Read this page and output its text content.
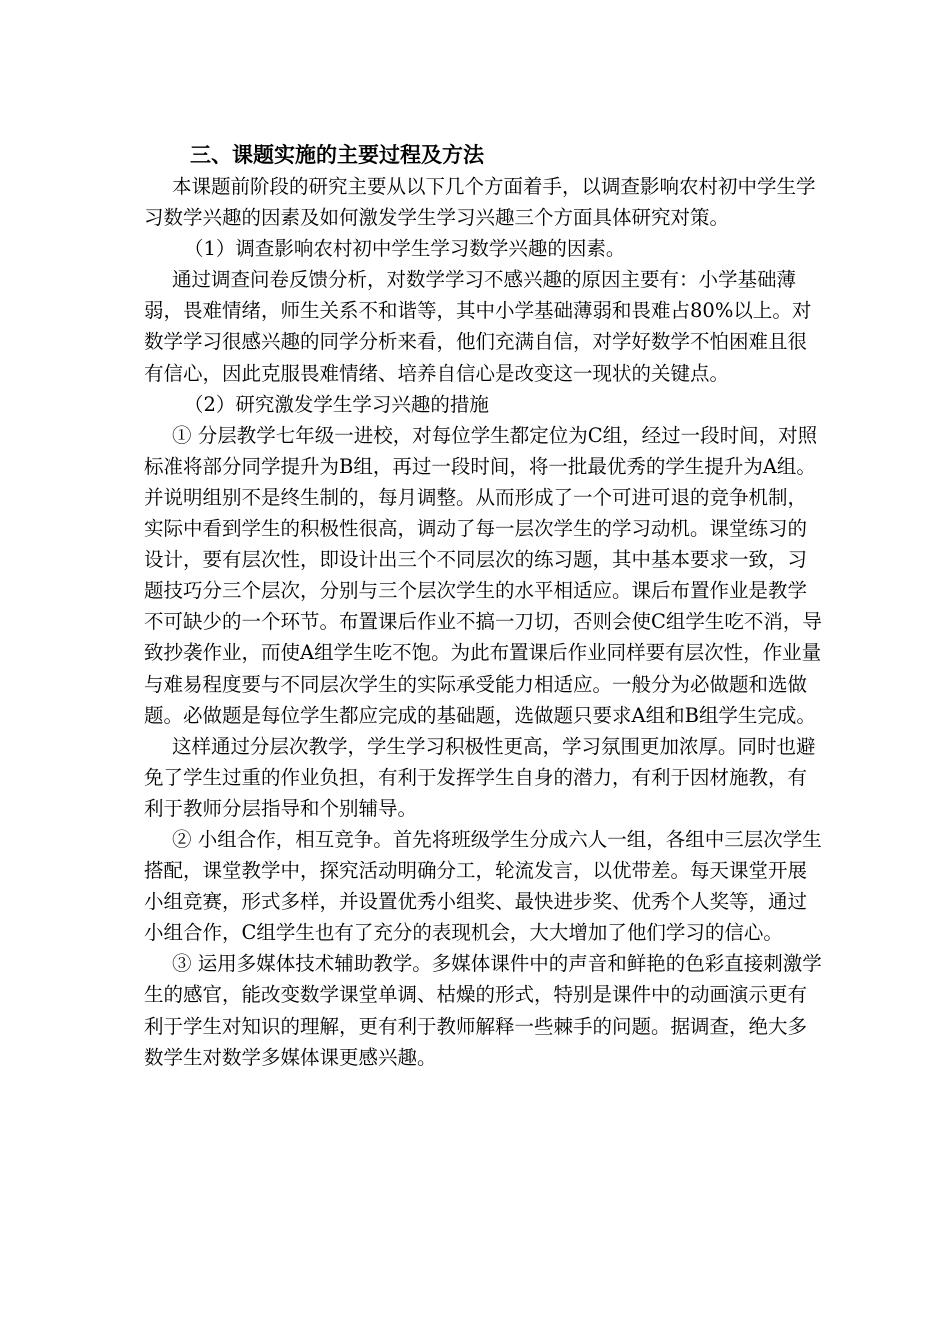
三、课题实施的主要过程及方法

本课题前阶段的研究主要从以下几个方面着手，以调查影响农村初中学生学习数学兴趣的因素及如何激发学生学习兴趣三个方面具体研究对策。

（1）调查影响农村初中学生学习数学兴趣的因素。

通过调查问卷反馈分析，对数学学习不感兴趣的原因主要有：小学基础薄弱，畏难情绪，师生关系不和谐等，其中小学基础薄弱和畏难占80%以上。对数学学习很感兴趣的同学分析来看，他们充满自信，对学好数学不怕困难且很有信心，因此克服畏难情绪、培养自信心是改变这一现状的关键点。

（2）研究激发学生学习兴趣的措施

① 分层教学七年级一进校，对每位学生都定位为C组，经过一段时间，对照标准将部分同学提升为B组，再过一段时间，将一批最优秀的学生提升为A组。并说明组别不是终生制的，每月调整。从而形成了一个可进可退的竞争机制，实际中看到学生的积极性很高，调动了每一层次学生的学习动机。课堂练习的设计，要有层次性，即设计出三个不同层次的练习题，其中基本要求一致，习题技巧分三个层次，分别与三个层次学生的水平相适应。课后布置作业是教学不可缺少的一个环节。布置课后作业不搞一刀切，否则会使C组学生吃不消，导致抄袭作业，而使A组学生吃不饱。为此布置课后作业同样要有层次性，作业量与难易程度要与不同层次学生的实际承受能力相适应。一般分为必做题和选做题。必做题是每位学生都应完成的基础题，选做题只要求A组和B组学生完成。

这样通过分层次教学，学生学习积极性更高，学习氛围更加浓厚。同时也避免了学生过重的作业负担，有利于发挥学生自身的潜力，有利于因材施教，有利于教师分层指导和个别辅导。

② 小组合作，相互竞争。首先将班级学生分成六人一组，各组中三层次学生搭配，课堂教学中，探究活动明确分工，轮流发言，以优带差。每天课堂开展小组竞赛，形式多样，并设置优秀小组奖、最快进步奖、优秀个人奖等，通过小组合作，C组学生也有了充分的表现机会，大大增加了他们学习的信心。

③ 运用多媒体技术辅助教学。多媒体课件中的声音和鲜艳的色彩直接刺激学生的感官，能改变数学课堂单调、枯燥的形式，特别是课件中的动画演示更有利于学生对知识的理解，更有利于教师解释一些棘手的问题。据调查，绝大多数学生对数学多媒体课更感兴趣。
